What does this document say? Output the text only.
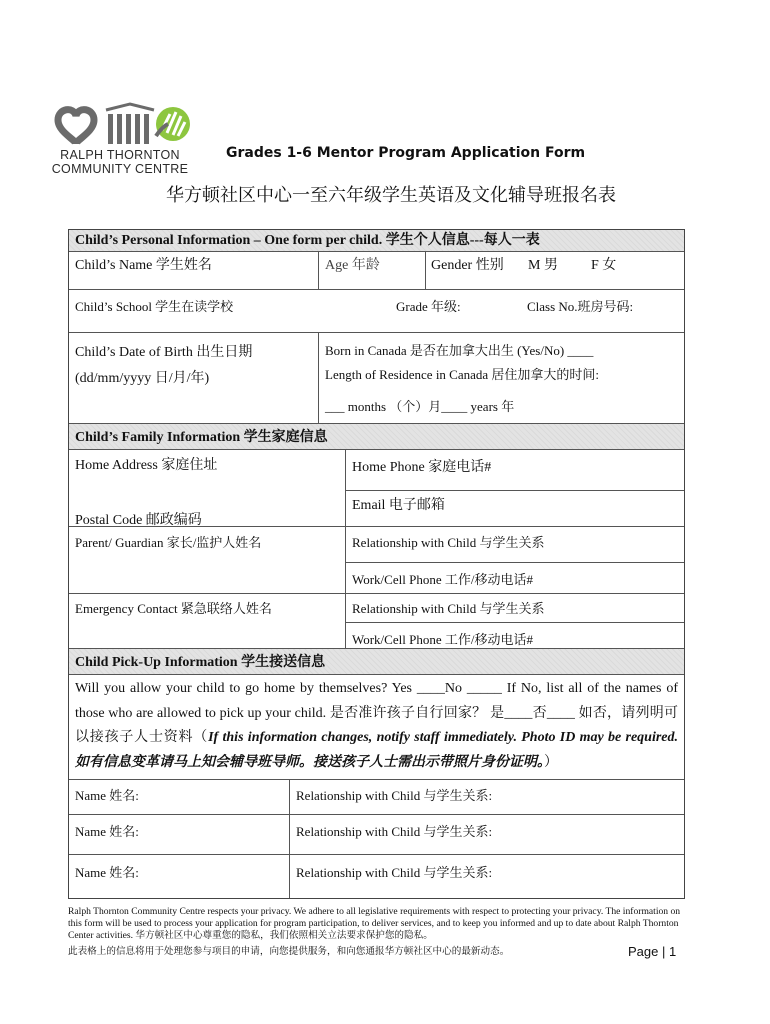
RALPH THORNTON
COMMUNITY CENTRE
Grades 1-6 Mentor Program Application Form
华方顿社区中心一至六年级学生英语及文化辅导班报名表
Child’s Personal Information – One form per child. 学生个人信息---每人一表
Child’s Name 学生姓名	Age 年龄	Gender 性别 M 男 F 女
Child’s School 学生在读学校	Grade 年级:	Class No.班房号码:
Child’s Date of Birth 出生日期
(dd/mm/yyyy 日/月/年)
Born in Canada 是否在加拿大出生 (Yes/No) ____
Length of Residence in Canada 居住加拿大的时间:
___ months （个）月____ years 年
Child’s Family Information 学生家庭信息
Home Address 家庭住址
Postal Code 邮政编码
Home Phone 家庭电话#
Email 电子邮箱
Parent/ Guardian 家长/监护人姓名	Relationship with Child 与学生关系
Work/Cell Phone 工作/移动电话#
Emergency Contact 紧急联络人姓名	Relationship with Child 与学生关系
Work/Cell Phone 工作/移动电话#
Child Pick-Up Information 学生接送信息
Will you allow your child to go home by themselves? Yes ____No _____ If No, list all of the names of those who are allowed to pick up your child. 是否准许孩子自行回家？ 是____否____ 如否，请列明可以接孩子人士资料（If this information changes, notify staff immediately. Photo ID may be required. 如有信息变革请马上知会辅导班导师。接送孩子人士需出示带照片身份证明。）
Name 姓名:	Relationship with Child 与学生关系:
Name 姓名:	Relationship with Child 与学生关系:
Name 姓名:	Relationship with Child 与学生关系:
Ralph Thornton Community Centre respects your privacy. We adhere to all legislative requirements with respect to protecting your privacy. The information on this form will be used to process your application for program participation, to deliver services, and to keep you informed and up to date about Ralph Thornton Center activities. 华方顿社区中心尊重您的隐私，我们依照相关立法要求保护您的隐私。
此表格上的信息将用于处理您参与项目的申请，向您提供服务，和向您通报华方顿社区中心的最新动态。	Page | 1
